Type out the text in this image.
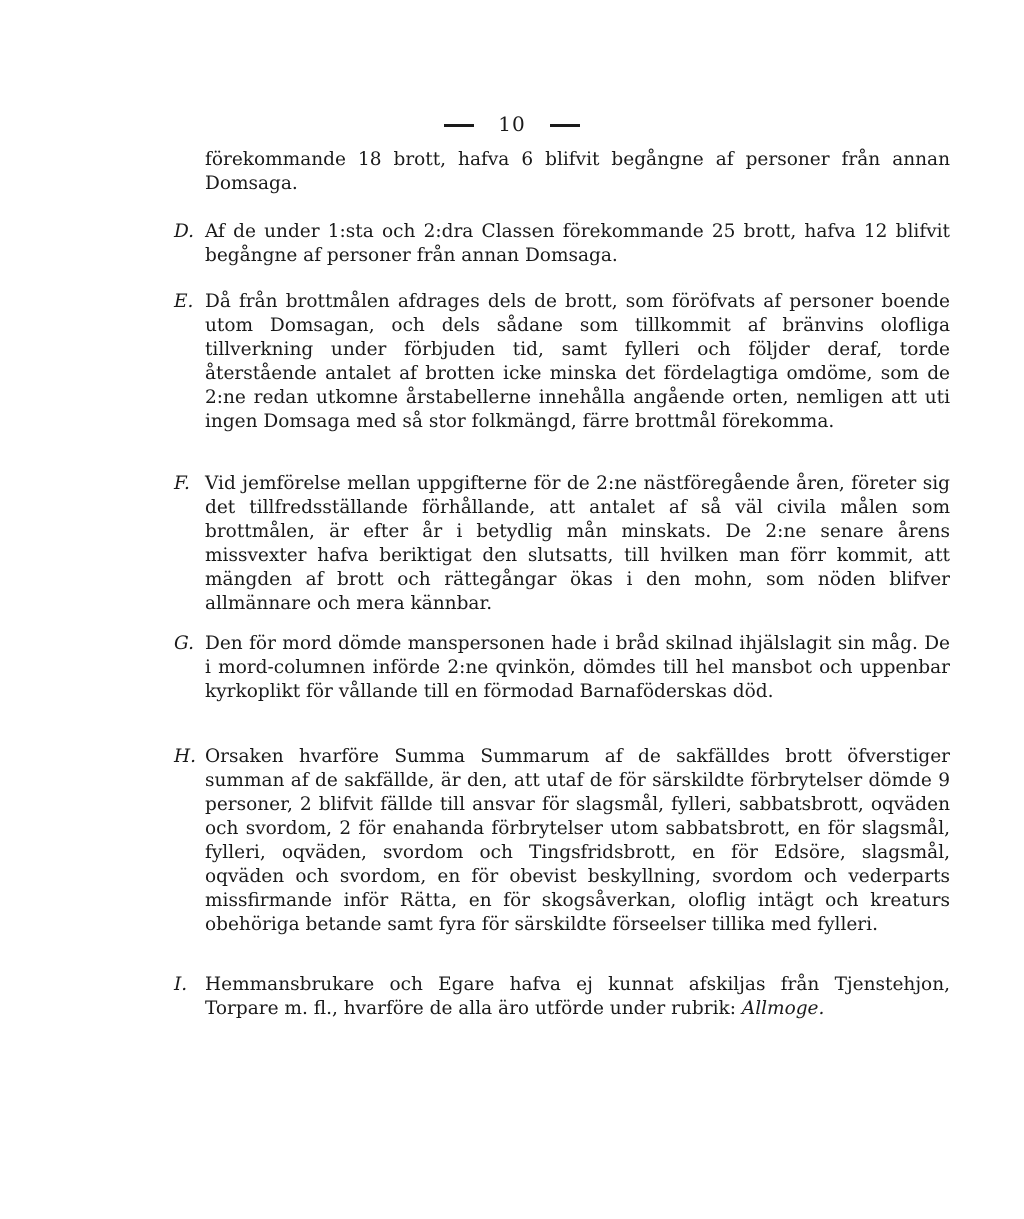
10

förekommande 18 brott, hafva 6 blifvit begångne af personer från annan Domsaga.

D. Af de under 1:sta och 2:dra Classen förekommande 25 brott, hafva 12 blifvit begångne af personer från annan Domsaga.

E. Då från brottmålen afdrages dels de brott, som föröfvats af personer boende utom Domsagan, och dels sådane som tillkommit af bränvins olofliga tillverkning under förbjuden tid, samt fylleri och följder deraf, torde återstående antalet af brotten icke minska det fördelagtiga omdöme, som de 2:ne redan utkomne årstabellerne innehålla angående orten, nemligen att uti ingen Domsaga med så stor folkmängd, färre brottmål förekomma.

F. Vid jemförelse mellan uppgifterne för de 2:ne nästföregående åren, företer sig det tillfredsställande förhållande, att antalet af så väl civila målen som brottmålen, är efter år i betydlig mån minskats. De 2:ne senare årens missvexter hafva beriktigat den slutsatts, till hvilken man förr kommit, att mängden af brott och rättegångar ökas i den mohn, som nöden blifver allmännare och mera kännbar.

G. Den för mord dömde manspersonen hade i bråd skilnad ihjälslagit sin måg. De i mord-columnen införde 2:ne qvinkön, dömdes till hel mansbot och uppenbar kyrkoplikt för vållande till en förmodad Barnaföderskas död.

H. Orsaken hvarföre Summa Summarum af de sakfälldes brott öfverstiger summan af de sakfällde, är den, att utaf de för särskildte förbrytelser dömde 9 personer, 2 blifvit fällde till ansvar för slagsmål, fylleri, sabbatsbrott, oqväden och svordom, 2 för enahanda förbrytelser utom sabbatsbrott, en för slagsmål, fylleri, oqväden, svordom och Tingsfridsbrott, en för Edsöre, slagsmål, oqväden och svordom, en för obevist beskyllning, svordom och vederparts missfirmande inför Rätta, en för skogsåverkan, oloflig intägt och kreaturs obehöriga betande samt fyra för särskildte förseelser tillika med fylleri.

I. Hemmansbrukare och Egare hafva ej kunnat afskiljas från Tjenstehjon, Torpare m. fl., hvarföre de alla äro utförde under rubrik: Allmoge.
